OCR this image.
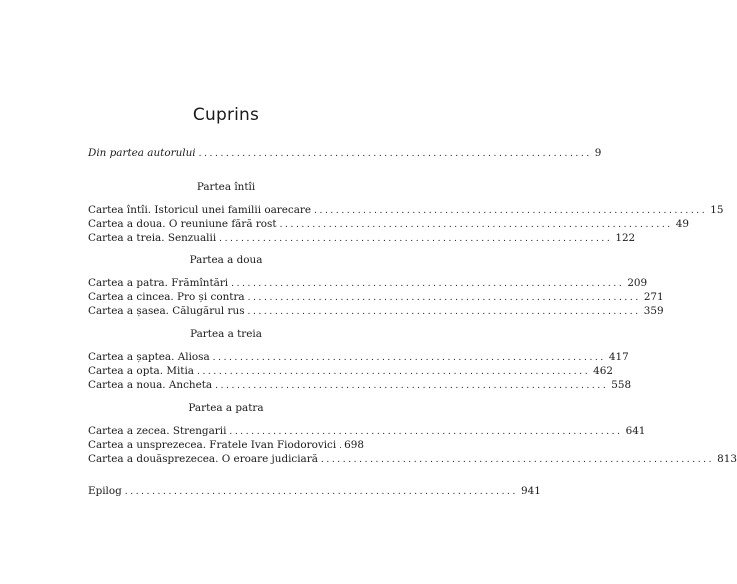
Cuprins
Din partea autorului ........................................................................ 9
Partea întîi
Cartea întîi. Istoricul unei familii oarecare ........................................................................ 15
Cartea a doua. O reuniune fără rost ........................................................................ 49
Cartea a treia. Senzualii ........................................................................ 122
Partea a doua
Cartea a patra. Frămîntări ........................................................................ 209
Cartea a cincea. Pro și contra ........................................................................ 271
Cartea a șasea. Călugărul rus ........................................................................ 359
Partea a treia
Cartea a șaptea. Aliosa ........................................................................ 417
Cartea a opta. Mitia ........................................................................ 462
Cartea a noua. Ancheta ........................................................................ 558
Partea a patra
Cartea a zecea. Strengarii ........................................................................ 641
Cartea a unsprezecea. Fratele Ivan Fiodorovici 698
Cartea a douăsprezecea. O eroare judiciară ........................................................................ 813
Epilog ........................................................................ 941
